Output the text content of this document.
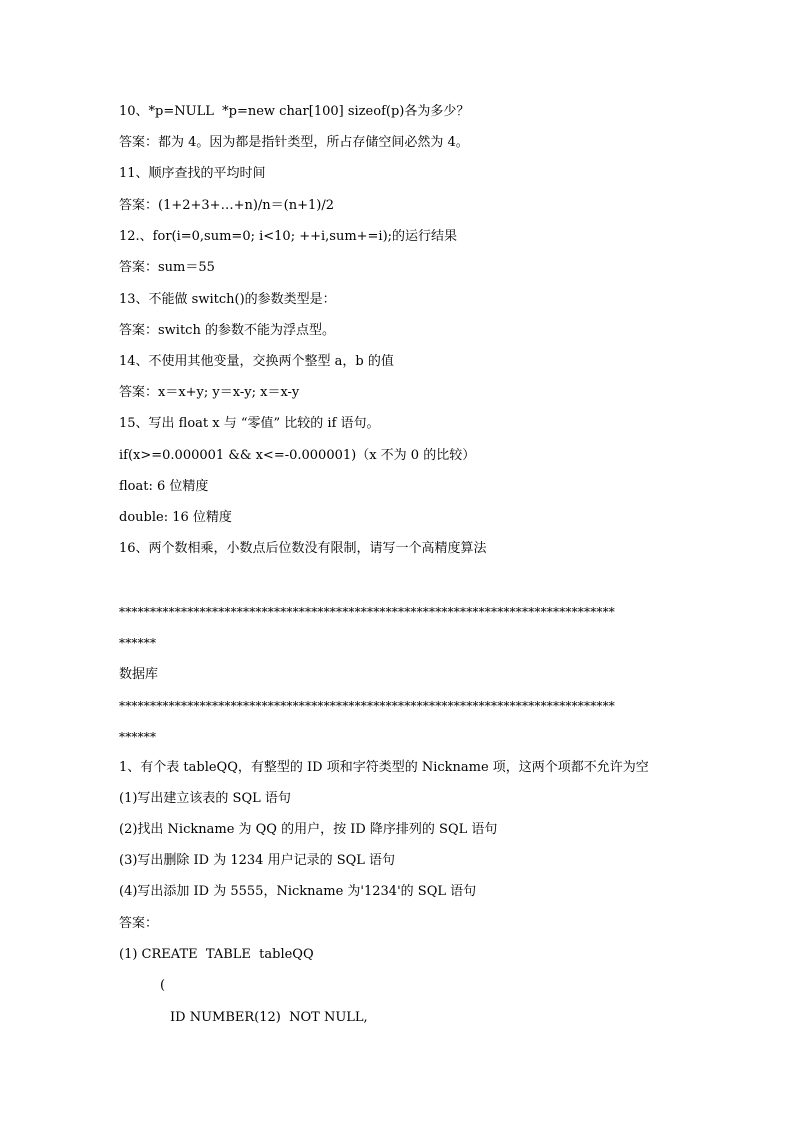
10、*p=NULL  *p=new char[100] sizeof(p)各为多少？
答案：都为 4。因为都是指针类型，所占存储空间必然为 4。
11、顺序查找的平均时间
答案：(1+2+3+…+n)/n＝(n+1)/2
12.、for(i=0,sum=0; i<10; ++i,sum+=i);的运行结果
答案：sum＝55
13、不能做 switch()的参数类型是：
答案：switch 的参数不能为浮点型。
14、不使用其他变量，交换两个整型 a，b 的值
答案：x＝x+y; y＝x-y; x＝x-y
15、写出 float x 与 “零值” 比较的 if 语句。
if(x>=0.000001 && x<=-0.000001)（x 不为 0 的比较）
float: 6 位精度
double: 16 位精度
16、两个数相乘，小数点后位数没有限制，请写一个高精度算法
********************************************************************************
******
数据库
********************************************************************************
******
1、有个表 tableQQ，有整型的 ID 项和字符类型的 Nickname 项，这两个项都不允许为空
(1)写出建立该表的 SQL 语句
(2)找出 Nickname 为 QQ 的用户，按 ID 降序排列的 SQL 语句
(3)写出删除 ID 为 1234 用户记录的 SQL 语句
(4)写出添加 ID 为 5555，Nickname 为'1234'的 SQL 语句
答案：
(1) CREATE  TABLE  tableQQ
(
ID NUMBER(12)  NOT NULL,
